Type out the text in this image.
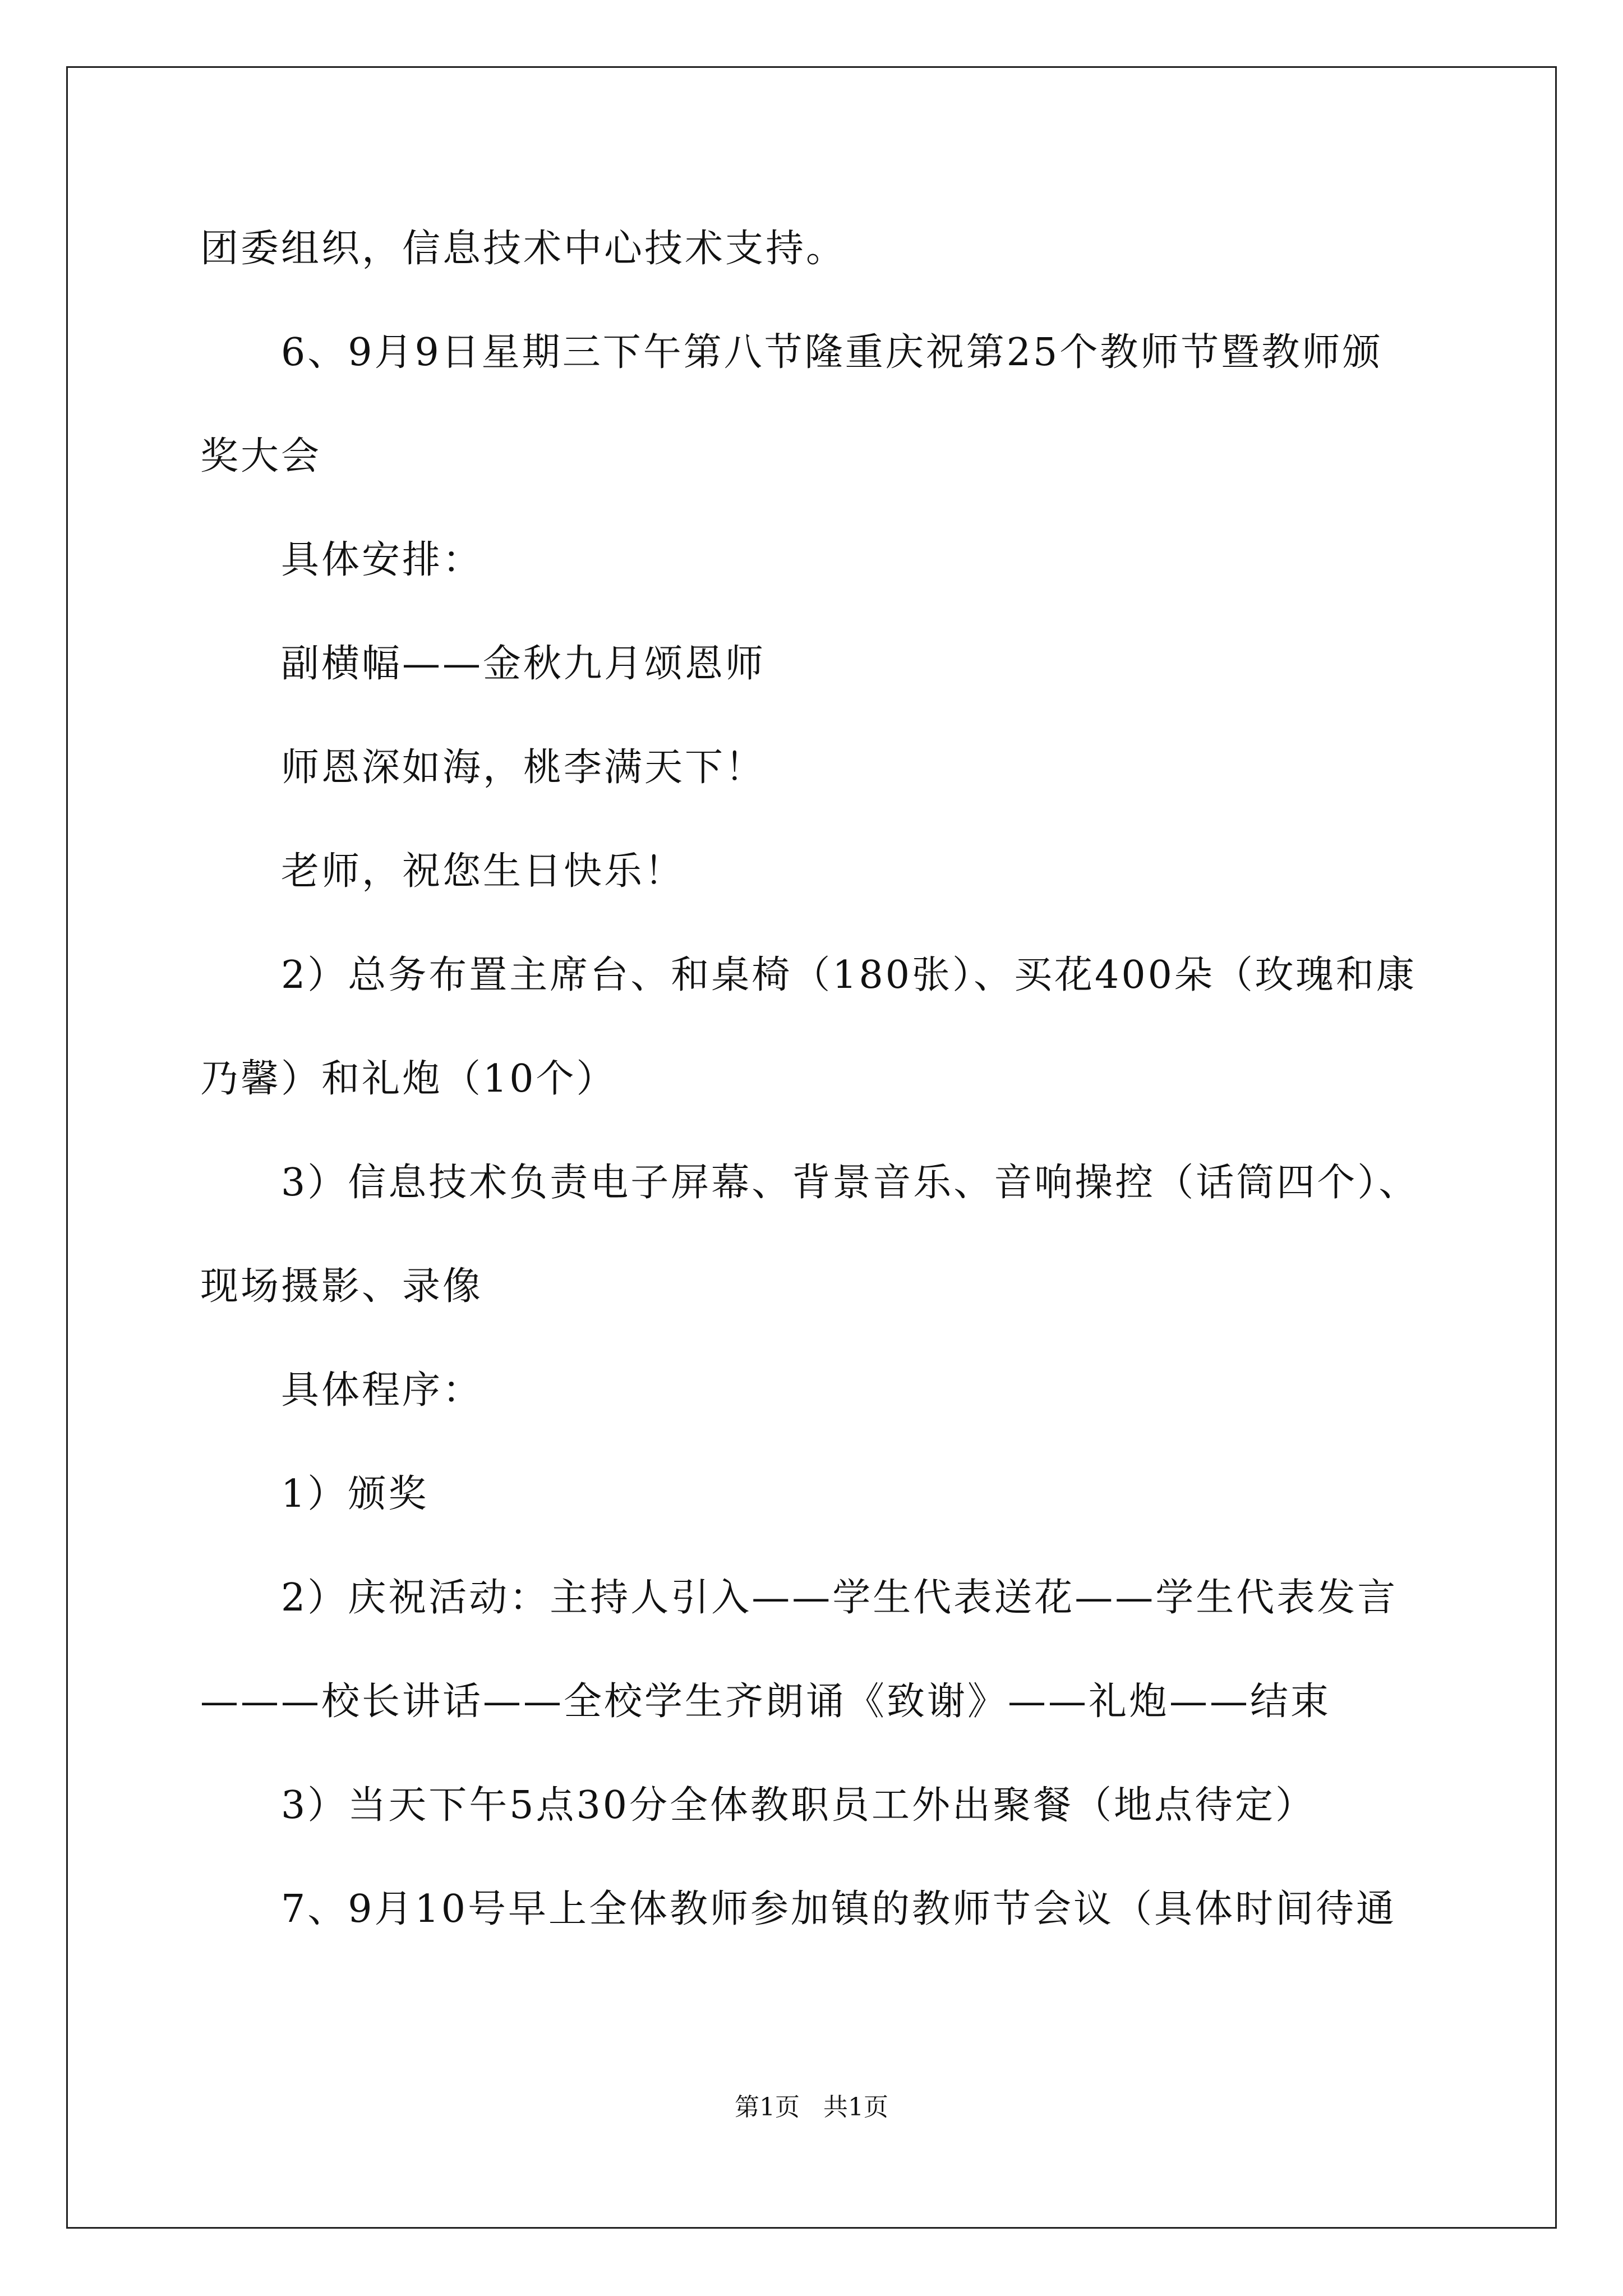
团委组织，信息技术中心技术支持。
6、9月9日星期三下午第八节隆重庆祝第25个教师节暨教师颁
奖大会
具体安排：
副横幅——金秋九月颂恩师
师恩深如海，桃李满天下！
老师，祝您生日快乐！
2）总务布置主席台、和桌椅（180张）、买花400朵（玫瑰和康
乃馨）和礼炮（10个）
3）信息技术负责电子屏幕、背景音乐、音响操控（话筒四个）、
现场摄影、录像
具体程序：
1）颁奖
2）庆祝活动：主持人引入——学生代表送花——学生代表发言
———校长讲话——全校学生齐朗诵《致谢》——礼炮——结束
3）当天下午5点30分全体教职员工外出聚餐（地点待定）
7、9月10号早上全体教师参加镇的教师节会议（具体时间待通
第1页   共1页
